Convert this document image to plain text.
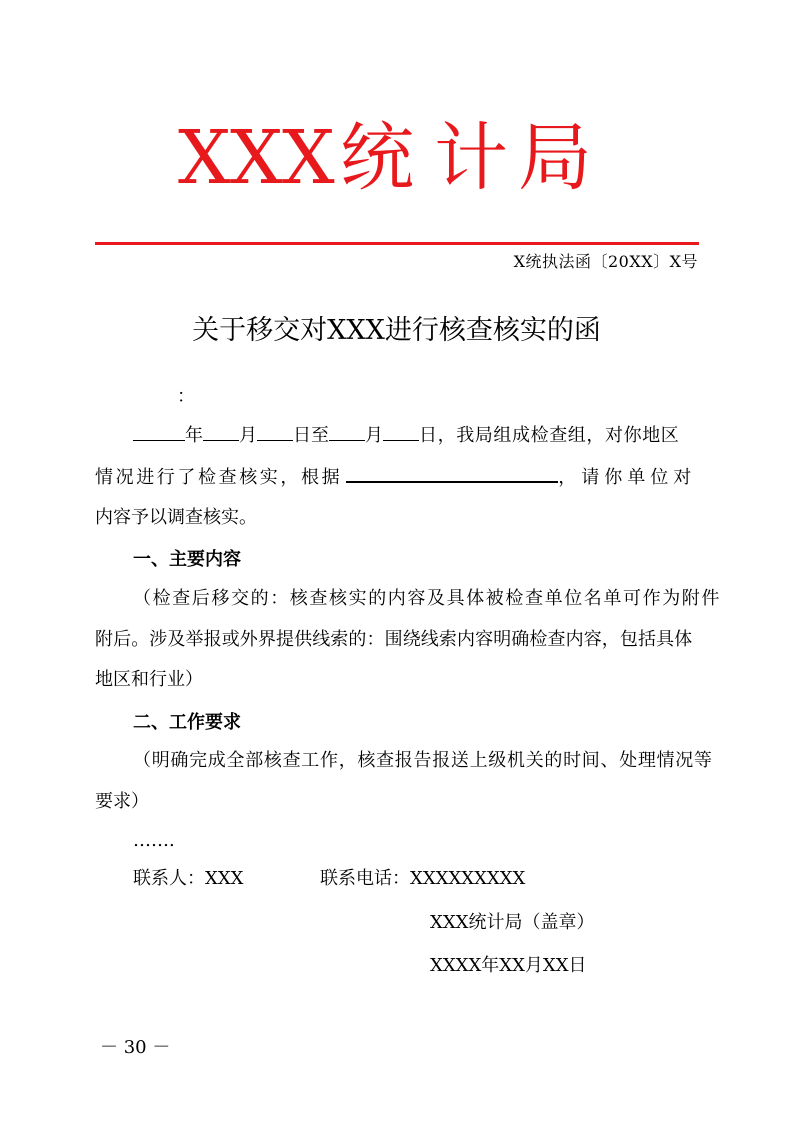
X X X 统 计 局
X统执法函〔20XX〕X号
关于移交对XXX进行核查核实的函
：
年 月 日至 月 日，我局组成检查组，对你地区
情况进行了检查核实，根据	，请你单位对
内容予以调查核实。
一、主要内容
（检查后移交的：核查核实的内容及具体被检查单位名单可作为附件
附后。涉及举报或外界提供线索的：围绕线索内容明确检查内容，包括具体
地区和行业）
二、工作要求
（明确完成全部核查工作，核查报告报送上级机关的时间、处理情况等
要求）
…….
联系人：XXX	联系电话：XXXXXXXXX
XXX统计局（盖章）
XXXX年XX月XX日
－ 30 －
